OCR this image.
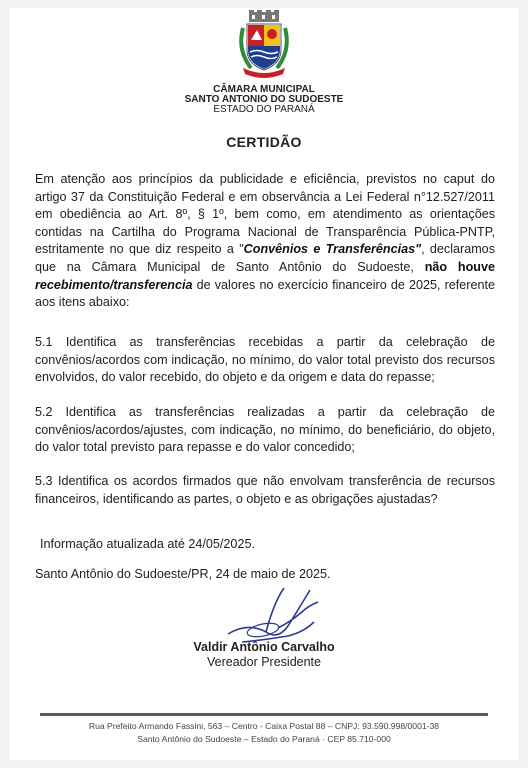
CÂMARA MUNICIPAL
SANTO ANTONIO DO SUDOESTE
ESTADO DO PARANÁ
CERTIDÃO
Em atenção aos princípios da publicidade e eficiência, previstos no caput do artigo 37 da Constituição Federal e em observância a Lei Federal n°12.527/2011 em obediência ao Art. 8º, § 1º, bem como, em atendimento as orientações contidas na Cartilha do Programa Nacional de Transparência Pública-PNTP, estritamente no que diz respeito a "Convênios e Transferências", declaramos que na Câmara Municipal de Santo Antônio do Sudoeste, não houve recebimento/transferencia de valores no exercício financeiro de 2025, referente aos itens abaixo:
5.1 Identifica as transferências recebidas a partir da celebração de convênios/acordos com indicação, no mínimo, do valor total previsto dos recursos envolvidos, do valor recebido, do objeto e da origem e data do repasse;
5.2 Identifica as transferências realizadas a partir da celebração de convênios/acordos/ajustes, com indicação, no mínimo, do beneficiário, do objeto, do valor total previsto para repasse e do valor concedido;
5.3 Identifica os acordos firmados que não envolvam transferência de recursos financeiros, identificando as partes, o objeto e as obrigações ajustadas?
Informação atualizada até 24/05/2025.
Santo Antônio do Sudoeste/PR, 24 de maio de 2025.
Valdir Antônio Carvalho
Vereador Presidente
Rua Prefeito Armando Fassini, 563 – Centro - Caixa Postal 88 – CNPJ: 93.590.998/0001-38
Santo Antônio do Sudoeste – Estado do Paraná · CEP 85.710-000
